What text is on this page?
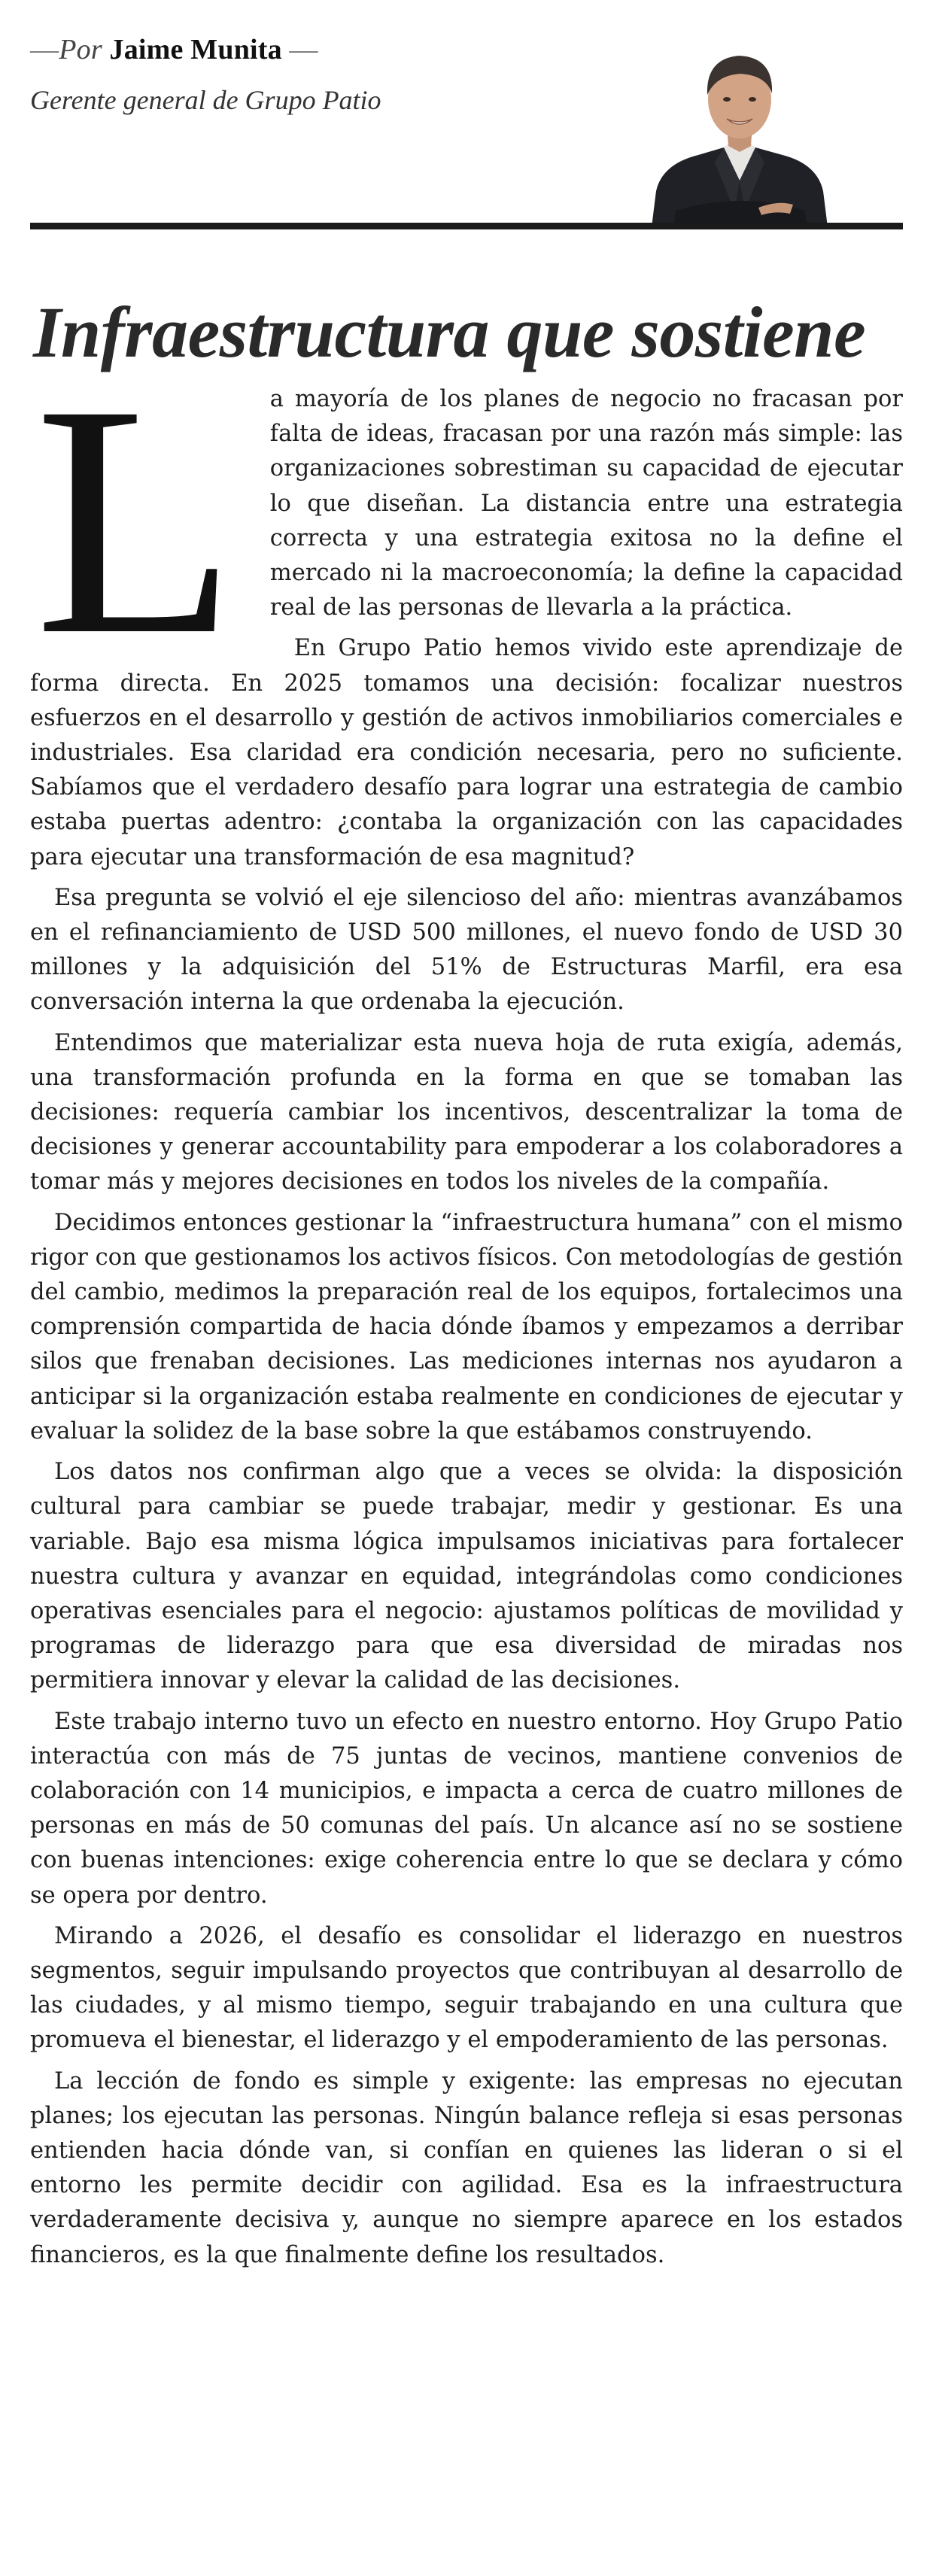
—Por Jaime Munita —
Gerente general de Grupo Patio
Infraestructura que sostiene

L a mayoría de los planes de negocio no fracasan por falta de ideas, fracasan por una razón más simple: las organizaciones sobrestiman su capacidad de ejecutar lo que diseñan. La distancia entre una estrategia correcta y una estrategia exitosa no la define el mercado ni la macroeconomía; la define la capacidad real de las personas de llevarla a la práctica.

En Grupo Patio hemos vivido este aprendizaje de forma directa. En 2025 tomamos una decisión: focalizar nuestros esfuerzos en el desarrollo y gestión de activos inmobiliarios comerciales e industriales. Esa claridad era condición necesaria, pero no suficiente. Sabíamos que el verdadero desafío para lograr una estrategia de cambio estaba puertas adentro: ¿contaba la organización con las capacidades para ejecutar una transformación de esa magnitud?

Esa pregunta se volvió el eje silencioso del año: mientras avanzábamos en el refinanciamiento de USD 500 millones, el nuevo fondo de USD 30 millones y la adquisición del 51% de Estructuras Marfil, era esa conversación interna la que ordenaba la ejecución.

Entendimos que materializar esta nueva hoja de ruta exigía, además, una transformación profunda en la forma en que se tomaban las decisiones: requería cambiar los incentivos, descentralizar la toma de decisiones y generar accountability para empoderar a los colaboradores a tomar más y mejores decisiones en todos los niveles de la compañía.

Decidimos entonces gestionar la “infraestructura humana” con el mismo rigor con que gestionamos los activos físicos. Con metodologías de gestión del cambio, medimos la preparación real de los equipos, fortalecimos una comprensión compartida de hacia dónde íbamos y empezamos a derribar silos que frenaban decisiones. Las mediciones internas nos ayudaron a anticipar si la organización estaba realmente en condiciones de ejecutar y evaluar la solidez de la base sobre la que estábamos construyendo.

Los datos nos confirman algo que a veces se olvida: la disposición cultural para cambiar se puede trabajar, medir y gestionar. Es una variable. Bajo esa misma lógica impulsamos iniciativas para fortalecer nuestra cultura y avanzar en equidad, integrándolas como condiciones operativas esenciales para el negocio: ajustamos políticas de movilidad y programas de liderazgo para que esa diversidad de miradas nos permitiera innovar y elevar la calidad de las decisiones.

Este trabajo interno tuvo un efecto en nuestro entorno. Hoy Grupo Patio interactúa con más de 75 juntas de vecinos, mantiene convenios de colaboración con 14 municipios, e impacta a cerca de cuatro millones de personas en más de 50 comunas del país. Un alcance así no se sostiene con buenas intenciones: exige coherencia entre lo que se declara y cómo se opera por dentro.

Mirando a 2026, el desafío es consolidar el liderazgo en nuestros segmentos, seguir impulsando proyectos que contribuyan al desarrollo de las ciudades, y al mismo tiempo, seguir trabajando en una cultura que promueva el bienestar, el liderazgo y el empoderamiento de las personas.

La lección de fondo es simple y exigente: las empresas no ejecutan planes; los ejecutan las personas. Ningún balance refleja si esas personas entienden hacia dónde van, si confían en quienes las lideran o si el entorno les permite decidir con agilidad. Esa es la infraestructura verdaderamente decisiva y, aunque no siempre aparece en los estados financieros, es la que finalmente define los resultados.
